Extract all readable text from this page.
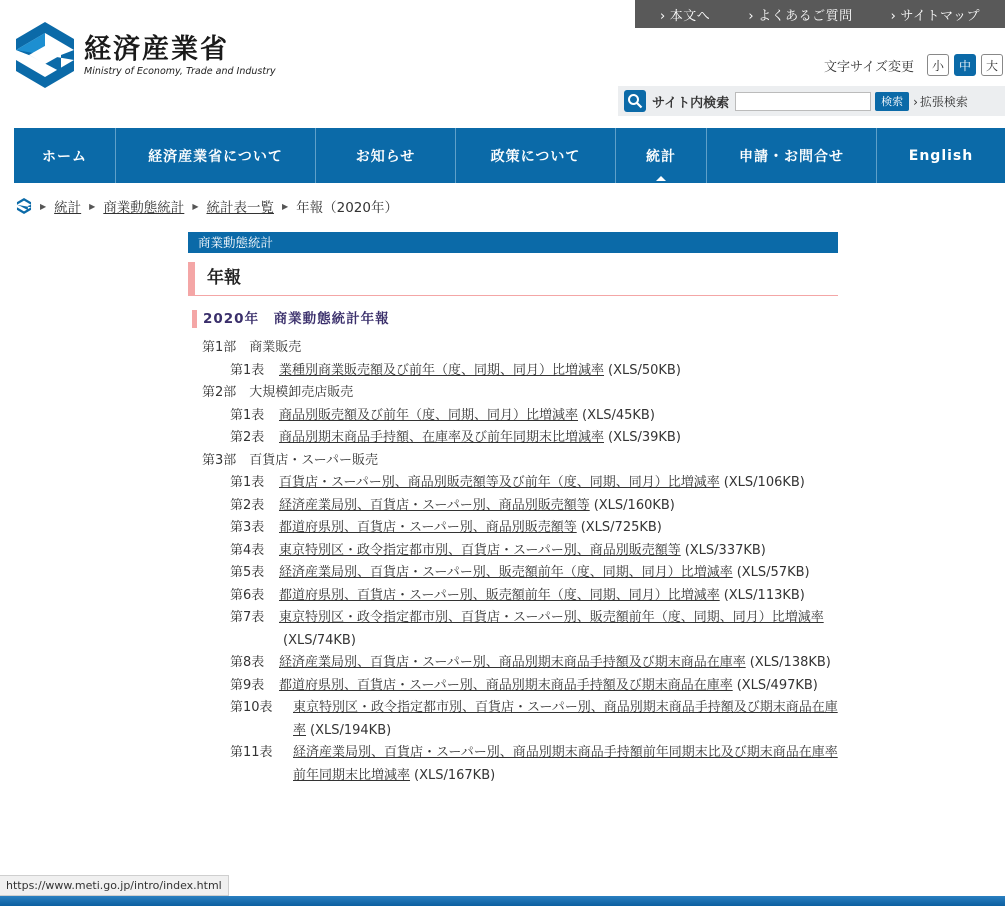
› 本文へ	› よくあるご質問	› サイトマップ
経済産業省
Ministry of Economy, Trade and Industry	文字サイズ変更	小	中	大
サイト内検索	検索	› 拡張検索
ホーム	経済産業省について	お知らせ	政策について	統計	申請・お問合せ	English
▶ 統計 ▶ 商業動態統計 ▶ 統計表一覧 ▶ 年報（2020年）
商業動態統計
年報
2020年　商業動態統計年報
第1部　商業販売
第1表	業種別商業販売額及び前年（度、同期、同月）比増減率 (XLS/50KB)
第2部　大規模卸売店販売
第1表	商品別販売額及び前年（度、同期、同月）比増減率 (XLS/45KB)
第2表	商品別期末商品手持額、在庫率及び前年同期末比増減率 (XLS/39KB)
第3部　百貨店・スーパー販売
第1表	百貨店・スーパー別、商品別販売額等及び前年（度、同期、同月）比増減率 (XLS/106KB)
第2表	経済産業局別、百貨店・スーパー別、商品別販売額等 (XLS/160KB)
第3表	都道府県別、百貨店・スーパー別、商品別販売額等 (XLS/725KB)
第4表	東京特別区・政令指定都市別、百貨店・スーパー別、商品別販売額等 (XLS/337KB)
第5表	経済産業局別、百貨店・スーパー別、販売額前年（度、同期、同月）比増減率 (XLS/57KB)
第6表	都道府県別、百貨店・スーパー別、販売額前年（度、同期、同月）比増減率 (XLS/113KB)
第7表	東京特別区・政令指定都市別、百貨店・スーパー別、販売額前年（度、同期、同月）比増減率(XLS/74KB)
第8表	経済産業局別、百貨店・スーパー別、商品別期末商品手持額及び期末商品在庫率 (XLS/138KB)
第9表	都道府県別、百貨店・スーパー別、商品別期末商品手持額及び期末商品在庫率 (XLS/497KB)
第10表	東京特別区・政令指定都市別、百貨店・スーパー別、商品別期末商品手持額及び期末商品在庫率 (XLS/194KB)
第11表	経済産業局別、百貨店・スーパー別、商品別期末商品手持額前年同期末比及び期末商品在庫率前年同期末比増減率 (XLS/167KB)
https://www.meti.go.jp/intro/index.html
